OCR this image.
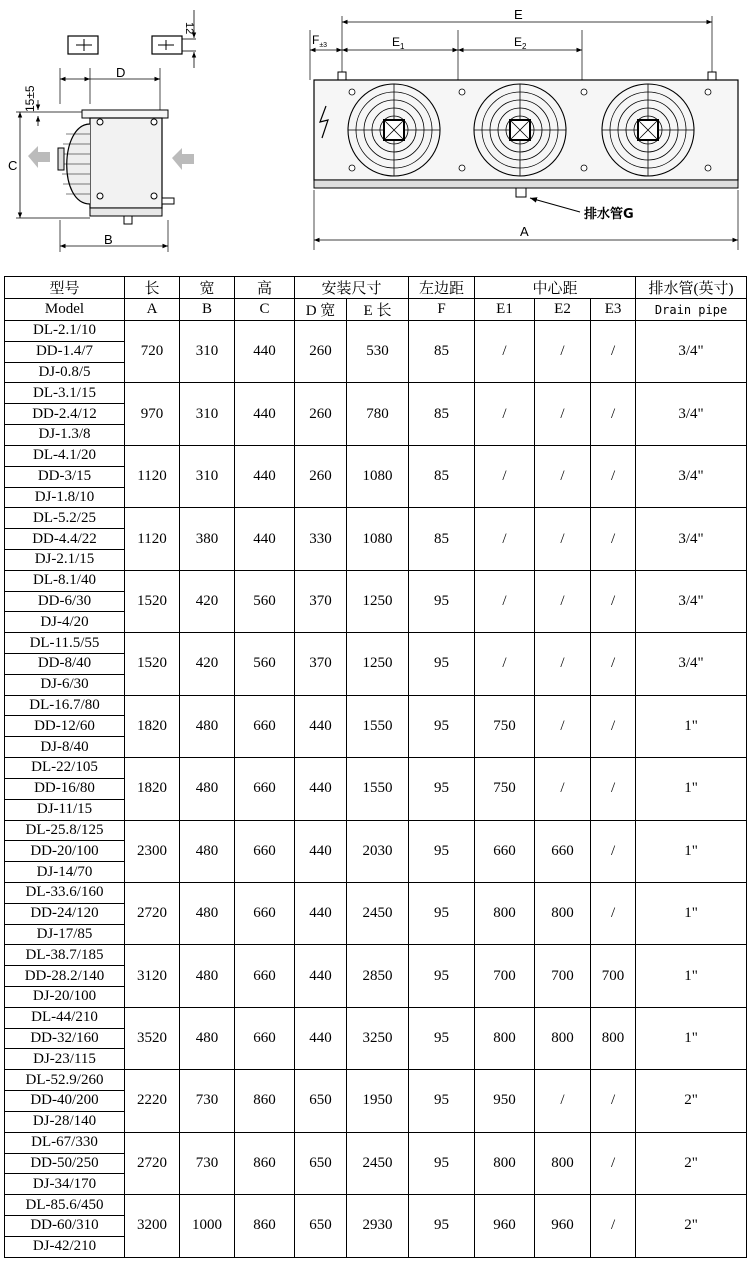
12
D
15±5
C
B
E
$F_{\pm 3}$	$E_1$	$E_2$
排水管G
A
型号	长	宽	高	安装尺寸		左边距	中心距			排水管(英寸)
Model	A	B	C	D 宽	E 长	F	E1	E2	E3	Drain pipe
DL-2.1/10	720	310	440	260	530	85	/	/	/	3/4"
DD-1.4/7										
DJ-0.8/5										
DL-3.1/15	970	310	440	260	780	85	/	/	/	3/4"
DD-2.4/12										
DJ-1.3/8										
DL-4.1/20	1120	310	440	260	1080	85	/	/	/	3/4"
DD-3/15										
DJ-1.8/10										
DL-5.2/25	1120	380	440	330	1080	85	/	/	/	3/4"
DD-4.4/22										
DJ-2.1/15										
DL-8.1/40	1520	420	560	370	1250	95	/	/	/	3/4"
DD-6/30										
DJ-4/20										
DL-11.5/55	1520	420	560	370	1250	95	/	/	/	3/4"
DD-8/40										
DJ-6/30										
DL-16.7/80	1820	480	660	440	1550	95	750	/	/	1"
DD-12/60										
DJ-8/40										
DL-22/105	1820	480	660	440	1550	95	750	/	/	1"
DD-16/80										
DJ-11/15										
DL-25.8/125	2300	480	660	440	2030	95	660	660	/	1"
DD-20/100										
DJ-14/70										
DL-33.6/160	2720	480	660	440	2450	95	800	800	/	1"
DD-24/120										
DJ-17/85										
DL-38.7/185	3120	480	660	440	2850	95	700	700	700	1"
DD-28.2/140										
DJ-20/100										
DL-44/210	3520	480	660	440	3250	95	800	800	800	1"
DD-32/160										
DJ-23/115										
DL-52.9/260	2220	730	860	650	1950	95	950	/	/	2"
DD-40/200										
DJ-28/140										
DL-67/330	2720	730	860	650	2450	95	800	800	/	2"
DD-50/250										
DJ-34/170										
DL-85.6/450	3200	1000	860	650	2930	95	960	960	/	2"
DD-60/310										
DJ-42/210										
